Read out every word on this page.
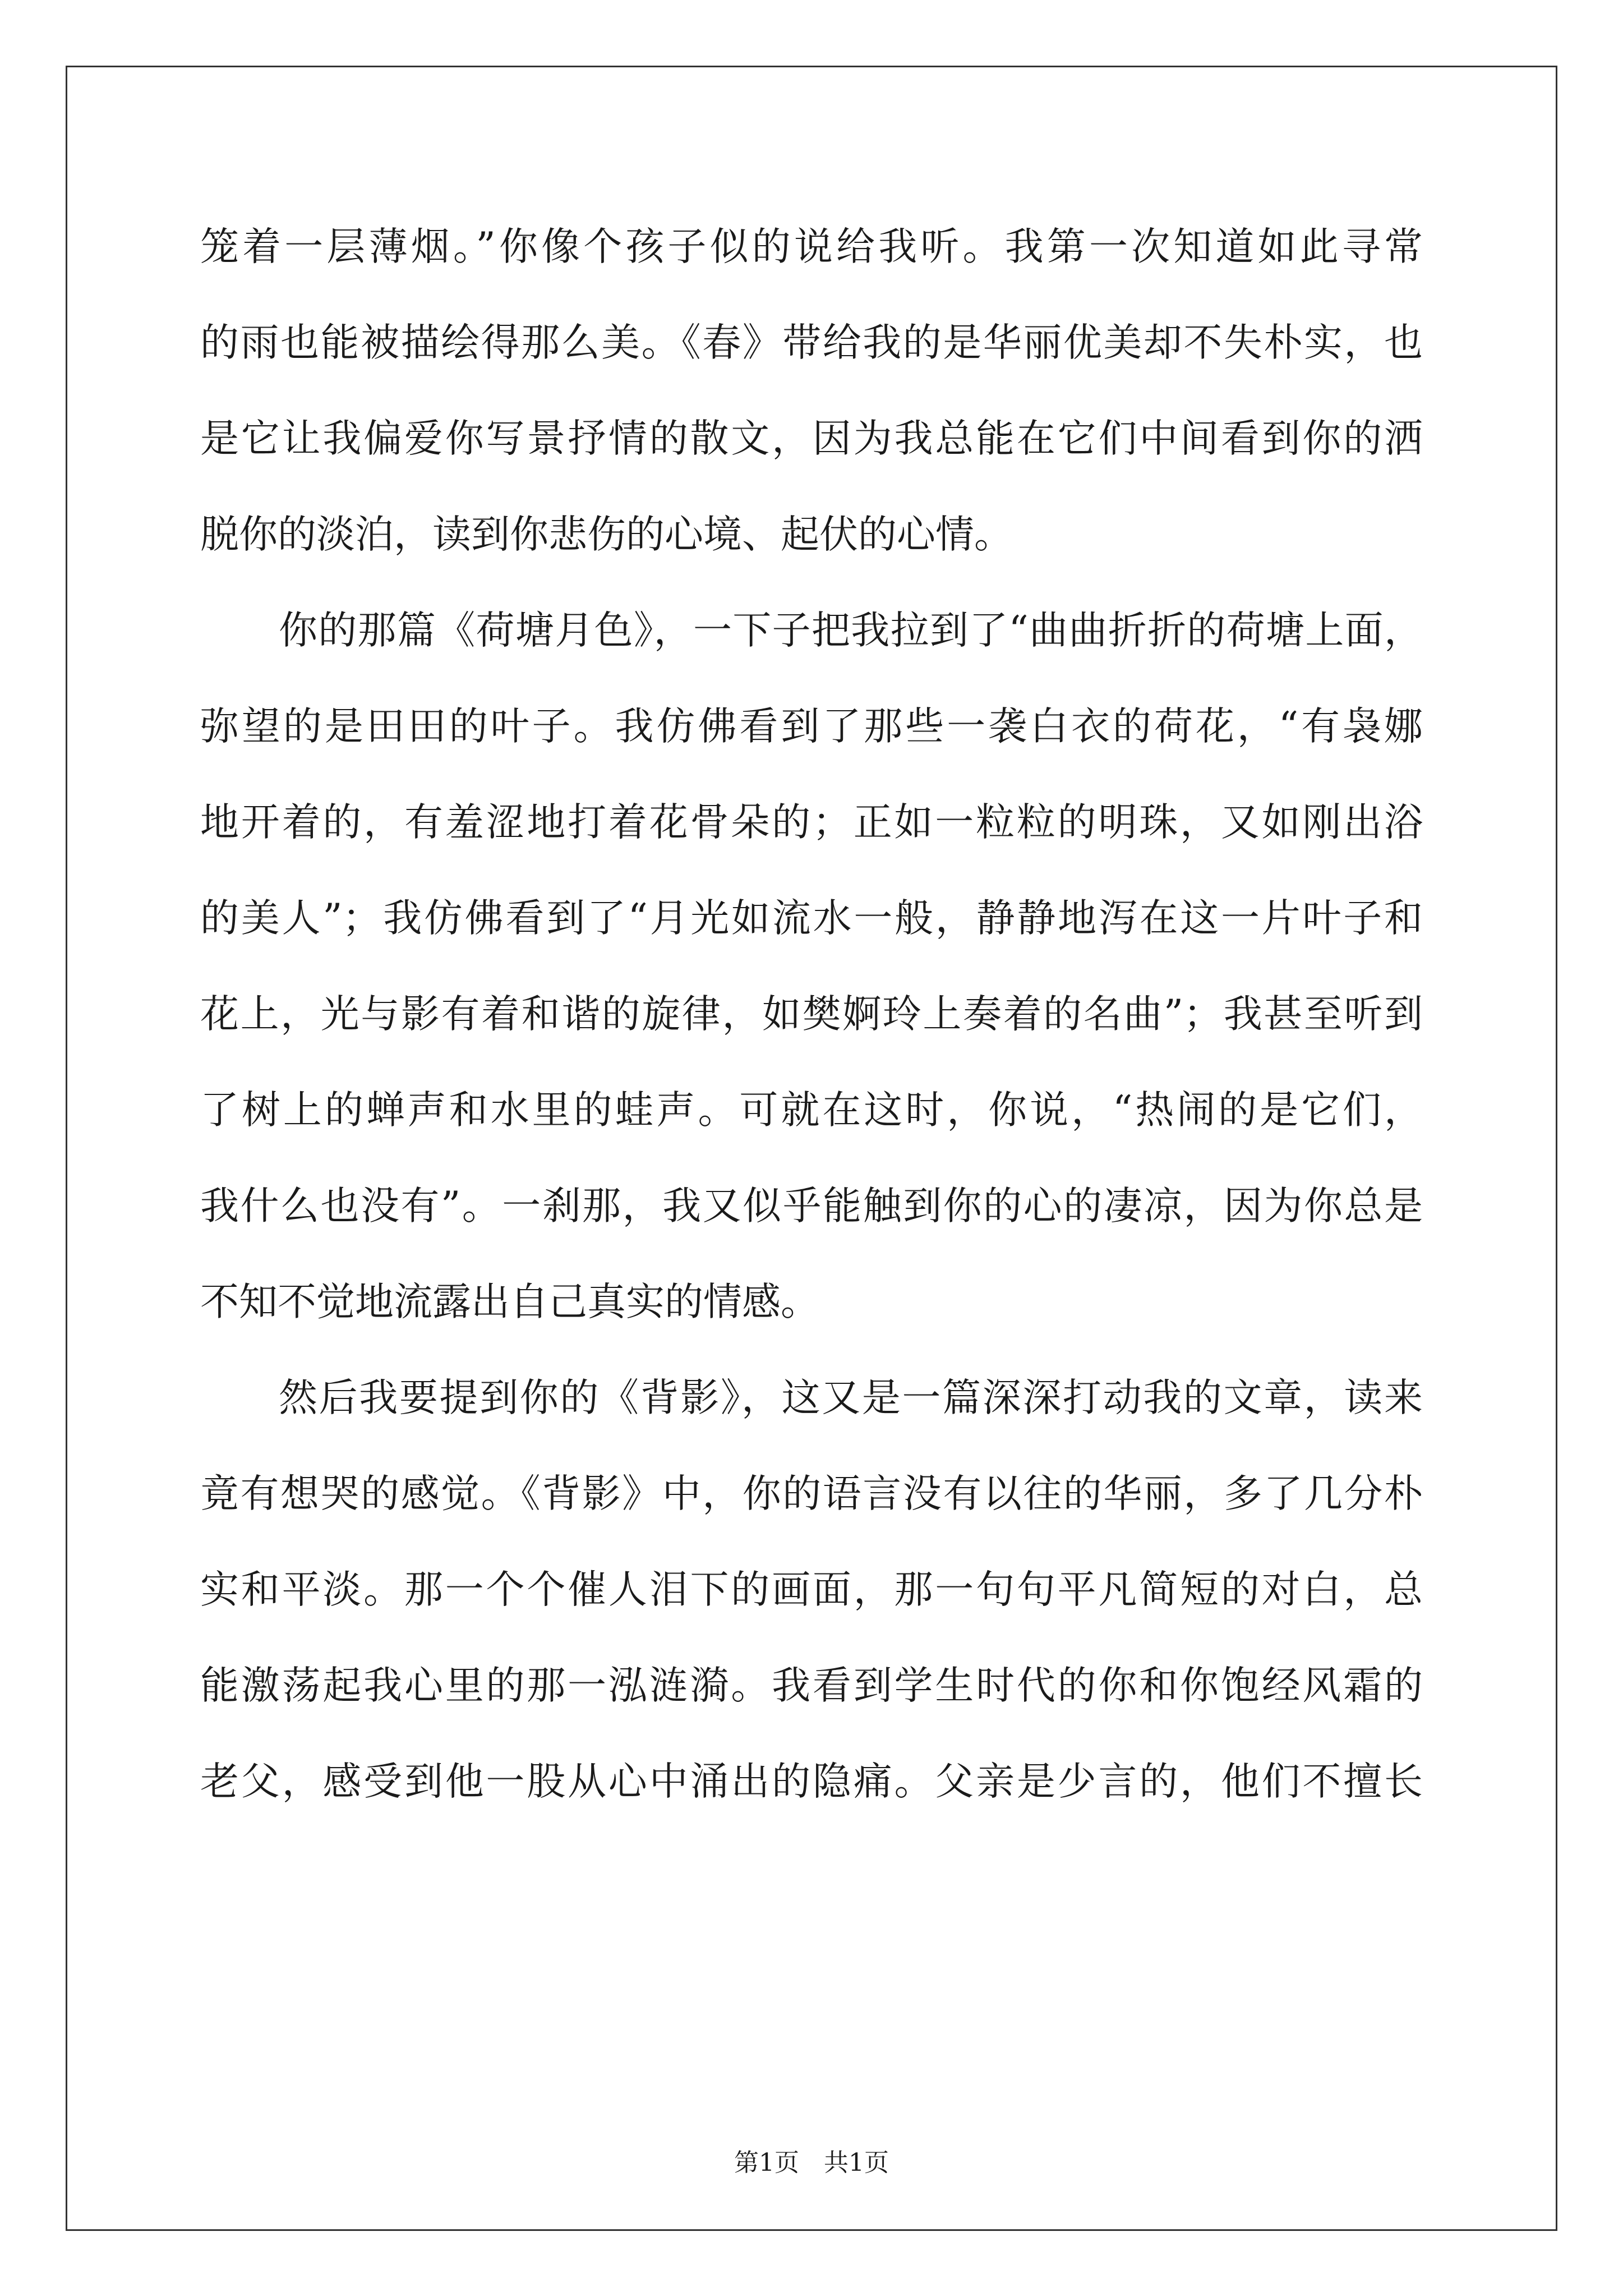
笼着一层薄烟。”你像个孩子似的说给我听。我第一次知道如此寻常
的雨也能被描绘得那么美。《春》带给我的是华丽优美却不失朴实，也
是它让我偏爱你写景抒情的散文，因为我总能在它们中间看到你的洒
脱你的淡泊，读到你悲伤的心境、起伏的心情。
你的那篇《荷塘月色》，一下子把我拉到了“曲曲折折的荷塘上面，
弥望的是田田的叶子。我仿佛看到了那些一袭白衣的荷花，“有袅娜
地开着的，有羞涩地打着花骨朵的；正如一粒粒的明珠，又如刚出浴
的美人”；我仿佛看到了“月光如流水一般，静静地泻在这一片叶子和
花上，光与影有着和谐的旋律，如樊婀玲上奏着的名曲”；我甚至听到
了树上的蝉声和水里的蛙声。可就在这时，你说，“热闹的是它们，
我什么也没有”。一刹那，我又似乎能触到你的心的凄凉，因为你总是
不知不觉地流露出自己真实的情感。
然后我要提到你的《背影》，这又是一篇深深打动我的文章，读来
竟有想哭的感觉。《背影》中，你的语言没有以往的华丽，多了几分朴
实和平淡。那一个个催人泪下的画面，那一句句平凡简短的对白，总
能激荡起我心里的那一泓涟漪。我看到学生时代的你和你饱经风霜的
老父，感受到他一股从心中涌出的隐痛。父亲是少言的，他们不擅长
第1页 共1页
